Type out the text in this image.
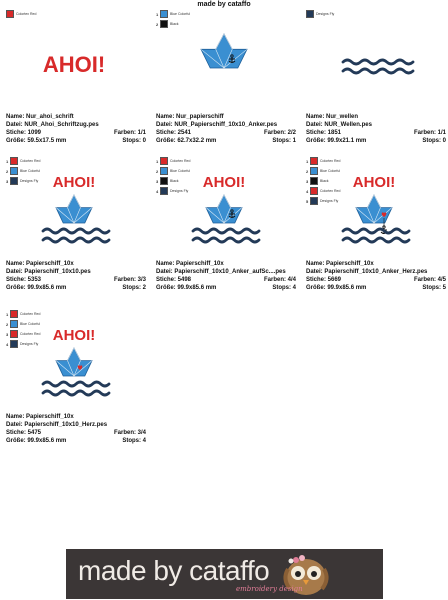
made by cataffo
AHOI!
Colortex Red
Name: Nur_ahoi_schrift
Datei: NUR_Ahoi_Schriftzug.pes
Stiche: 1099	Farben: 1/1
Größe: 59.5x17.5 mm	Stops: 0
1	Blue Colorful
2	Black
Name: Nur_papierschiff
Datei: NUR_Papierschiff_10x10_Anker.pes
Stiche: 2541	Farben: 2/2
Größe: 62.7x32.2 mm	Stops: 1
Designs Fly
Name: Nur_wellen
Datei: NUR_Wellen.pes
Stiche: 1851	Farben: 1/1
Größe: 99.9x21.1 mm	Stops: 0
AHOI!
1	Colortex Red
2	Blue Colorful
3	Designs Fly
Name: Papierschiff_10x
Datei: Papierschiff_10x10.pes
Stiche: 5353	Farben: 3/3
Größe: 99.9x85.6 mm	Stops: 2
AHOI!
1	Colortex Red
2	Blue Colorful
3	Black
4	Designs Fly
Name: Papierschiff_10x
Datei: Papierschiff_10x10_Anker_aufSc....pes
Stiche: 5498	Farben: 4/4
Größe: 99.9x85.6 mm	Stops: 4
AHOI!
1	Colortex Red
2	Blue Colorful
3	Black
4	Colortex Red
5	Designs Fly
Name: Papierschiff_10x
Datei: Papierschiff_10x10_Anker_Herz.pes
Stiche: 5669	Farben: 4/5
Größe: 99.9x85.6 mm	Stops: 5
AHOI!
1	Colortex Red
2	Blue Colorful
3	Colortex Red
4	Designs Fly
Name: Papierschiff_10x
Datei: Papierschiff_10x10_Herz.pes
Stiche: 5475	Farben: 3/4
Größe: 99.9x85.6 mm	Stops: 4
made by cataffo
embroidery design
